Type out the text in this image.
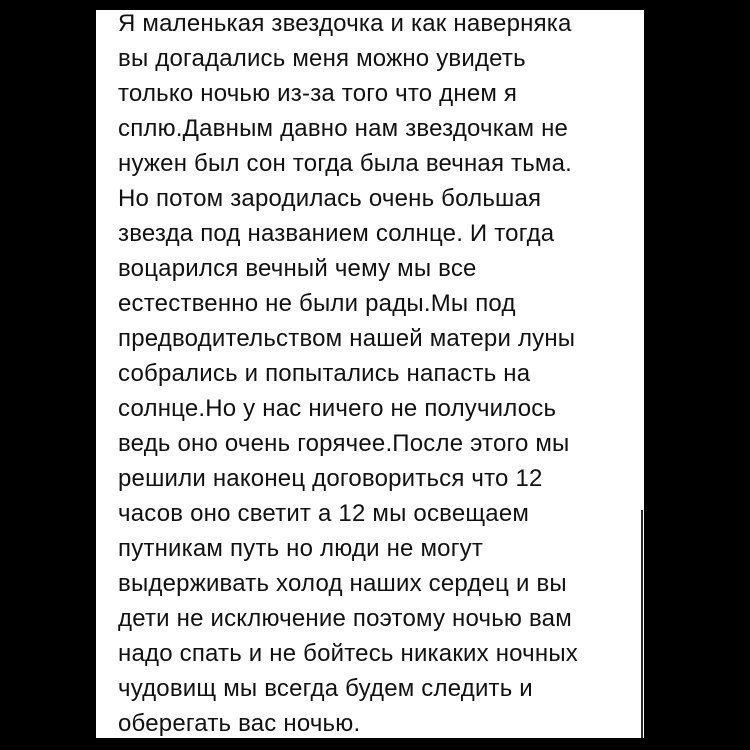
Я маленькая звездочка и как наверняка
вы догадались меня можно увидеть
только ночью из-за того что днем я
сплю.Давным давно нам звездочкам не
нужен был сон тогда была вечная тьма.
Но потом зародилась очень большая
звезда под названием солнце. И тогда
воцарился вечный чему мы все
естественно не были рады.Мы под
предводительством нашей матери луны
собрались и попытались напасть на
солнце.Но у нас ничего не получилось
ведь оно очень горячее.После этого мы
решили наконец договориться что 12
часов оно светит а 12 мы освещаем
путникам путь но люди не могут
выдерживать холод наших сердец и вы
дети не исключение поэтому ночью вам
надо спать и не бойтесь никаких ночных
чудовищ мы всегда будем следить и
оберегать вас ночью.
